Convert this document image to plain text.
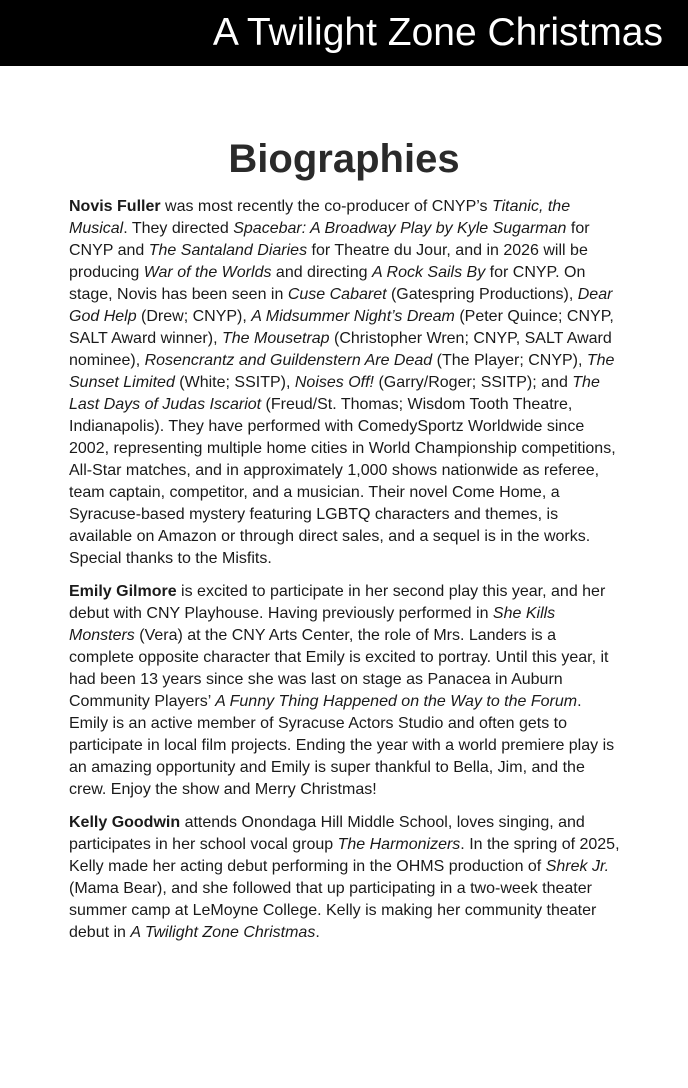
A Twilight Zone Christmas
Biographies

Novis Fuller was most recently the co-producer of CNYP’s Titanic, the Musical. They directed Spacebar: A Broadway Play by Kyle Sugarman for CNYP and The Santaland Diaries for Theatre du Jour, and in 2026 will be producing War of the Worlds and directing A Rock Sails By for CNYP. On stage, Novis has been seen in Cuse Cabaret (Gatespring Productions), Dear God Help (Drew; CNYP), A Midsummer Night’s Dream (Peter Quince; CNYP, SALT Award winner), The Mousetrap (Christopher Wren; CNYP, SALT Award nominee), Rosencrantz and Guildenstern Are Dead (The Player; CNYP), The Sunset Limited (White; SSITP), Noises Off! (Garry/Roger; SSITP); and The Last Days of Judas Iscariot (Freud/St. Thomas; Wisdom Tooth Theatre, Indianapolis). They have performed with ComedySportz Worldwide since 2002, representing multiple home cities in World Championship competitions, All-Star matches, and in approximately 1,000 shows nationwide as referee, team captain, competitor, and a musician. Their novel Come Home, a Syracuse-based mystery featuring LGBTQ characters and themes, is available on Amazon or through direct sales, and a sequel is in the works. Special thanks to the Misfits.

Emily Gilmore is excited to participate in her second play this year, and her debut with CNY Playhouse. Having previously performed in She Kills Monsters (Vera) at the CNY Arts Center, the role of Mrs. Landers is a complete opposite character that Emily is excited to portray. Until this year, it had been 13 years since she was last on stage as Panacea in Auburn Community Players’ A Funny Thing Happened on the Way to the Forum. Emily is an active member of Syracuse Actors Studio and often gets to participate in local film projects. Ending the year with a world premiere play is an amazing opportunity and Emily is super thankful to Bella, Jim, and the crew. Enjoy the show and Merry Christmas!

Kelly Goodwin attends Onondaga Hill Middle School, loves singing, and participates in her school vocal group The Harmonizers. In the spring of 2025, Kelly made her acting debut performing in the OHMS production of Shrek Jr. (Mama Bear), and she followed that up participating in a two-week theater summer camp at LeMoyne College. Kelly is making her community theater debut in A Twilight Zone Christmas.
